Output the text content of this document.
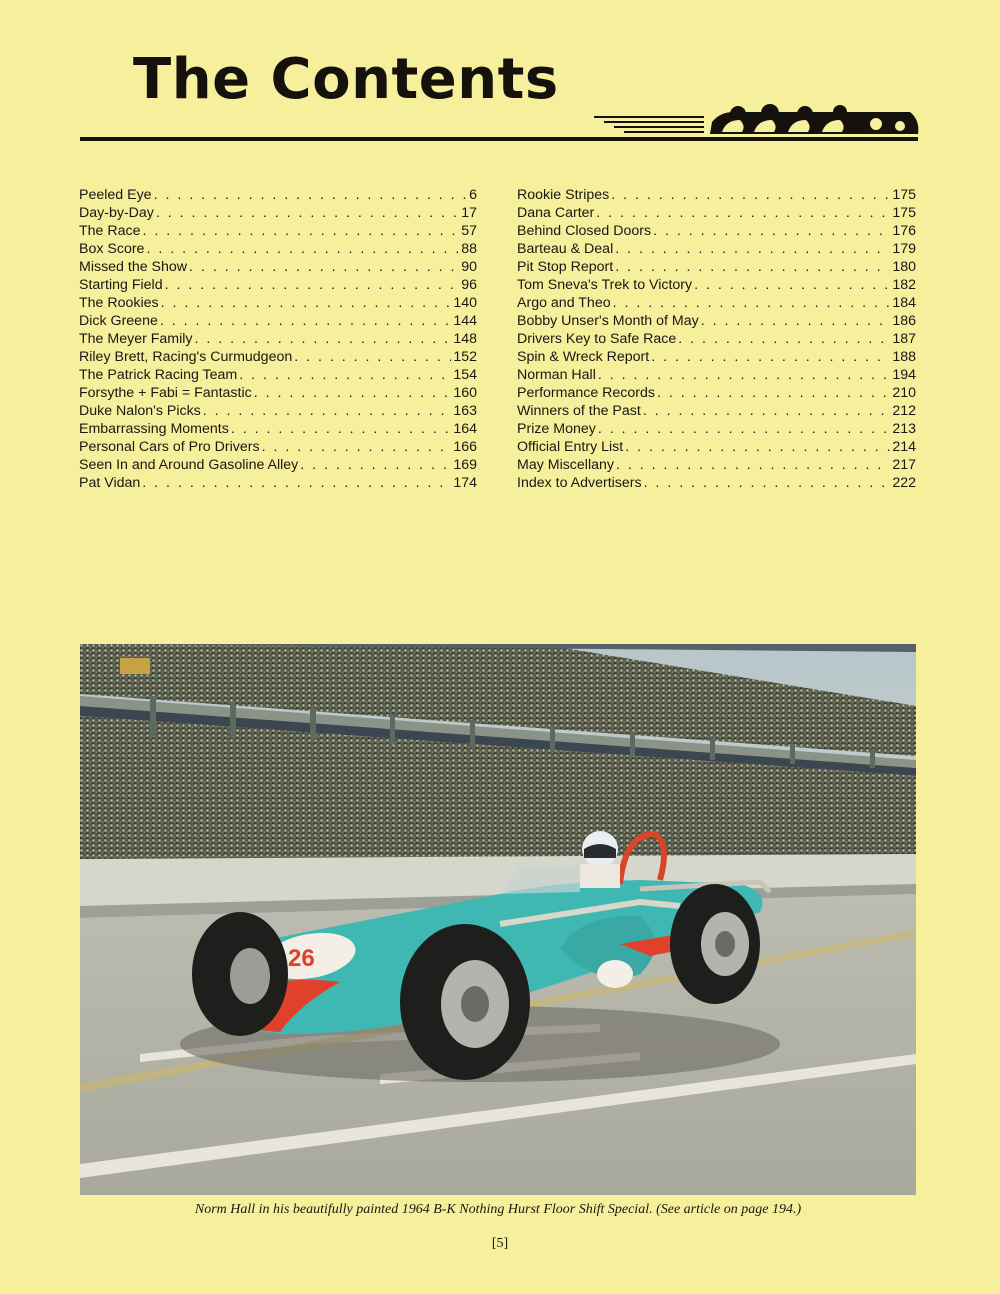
The Contents
Peeled Eye . . .	6
Day-by-Day . . .	17
The Race . . .	57
Box Score . . .	88
Missed the Show . . .	90
Starting Field . . .	96
The Rookies . . .	140
Dick Greene . . .	144
The Meyer Family . . .	148
Riley Brett, Racing's Curmudgeon . . .	152
The Patrick Racing Team . . .	154
Forsythe + Fabi = Fantastic . . .	160
Duke Nalon's Picks . . .	163
Embarrassing Moments . . .	164
Personal Cars of Pro Drivers . . .	166
Seen In and Around Gasoline Alley . . .	169
Pat Vidan . . .	174
Rookie Stripes . . .	175
Dana Carter . . .	175
Behind Closed Doors . . .	176
Barteau & Deal . . .	179
Pit Stop Report . . .	180
Tom Sneva's Trek to Victory . . .	182
Argo and Theo . . .	184
Bobby Unser's Month of May . . .	186
Drivers Key to Safe Race . . .	187
Spin & Wreck Report . . .	188
Norman Hall . . .	194
Performance Records . . .	210
Winners of the Past . . .	212
Prize Money . . .	213
Official Entry List . . .	214
May Miscellany . . .	217
Index to Advertisers . . .	222
26
Norm Hall in his beautifully painted 1964 B-K Nothing Hurst Floor Shift Special. (See article on page 194.)
[5]
